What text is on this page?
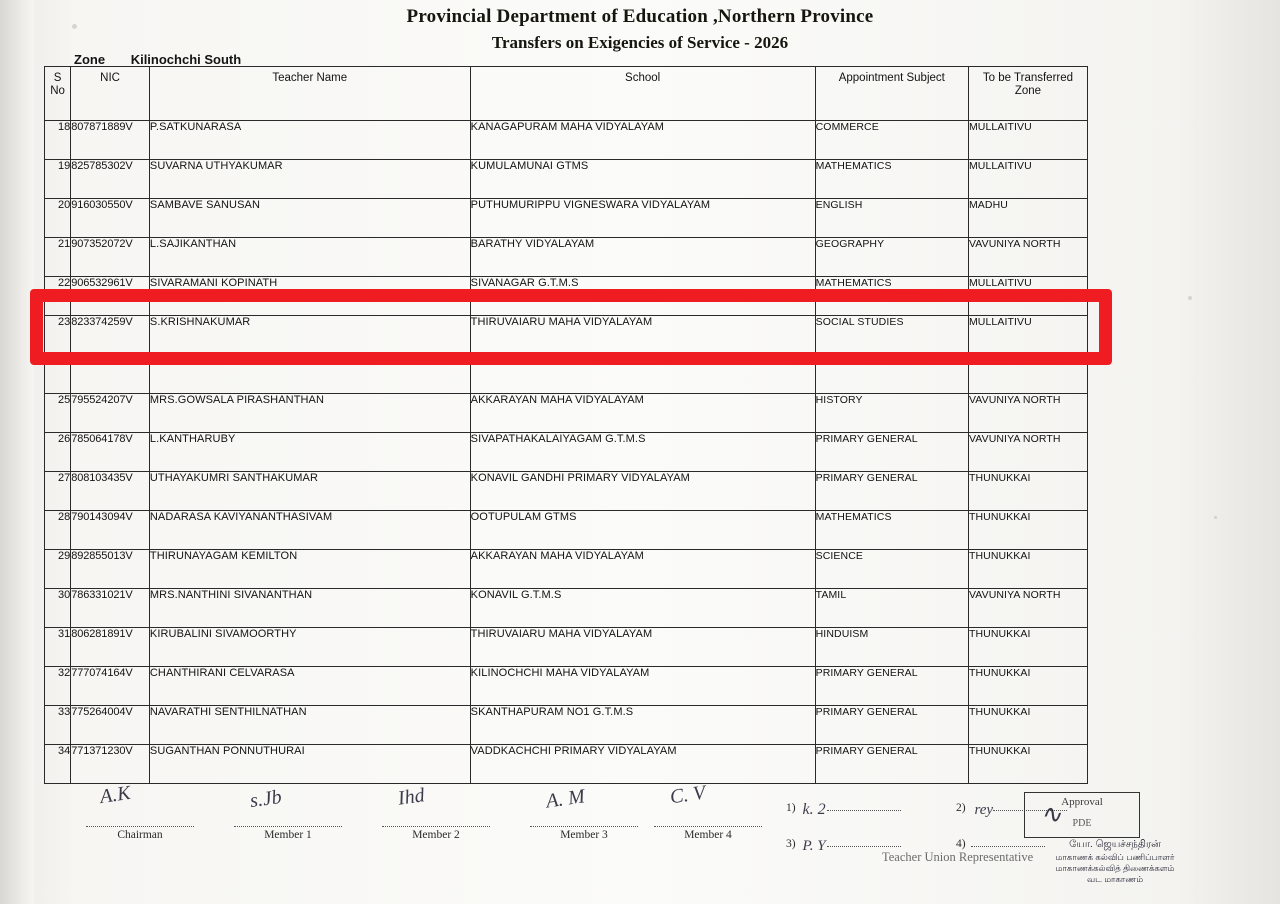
Provincial Department of Education ,Northern Province
Transfers on Exigencies of Service - 2026
Zone Kilinochchi South
S No	NIC	Teacher Name	School	Appointment Subject	To be Transferred Zone
18	807871889V	P.SATKUNARASA	KANAGAPURAM MAHA VIDYALAYAM	COMMERCE	MULLAITIVU
19	825785302V	SUVARNA UTHYAKUMAR	KUMULAMUNAI GTMS	MATHEMATICS	MULLAITIVU
20	916030550V	SAMBAVE SANUSAN	PUTHUMURIPPU VIGNESWARA VIDYALAYAM	ENGLISH	MADHU
21	907352072V	L.SAJIKANTHAN	BARATHY VIDYALAYAM	GEOGRAPHY	VAVUNIYA NORTH
22	906532961V	SIVARAMANI KOPINATH	SIVANAGAR G.T.M.S	MATHEMATICS	MULLAITIVU
23	823374259V	S.KRISHNAKUMAR	THIRUVAIARU MAHA VIDYALAYAM	SOCIAL STUDIES	MULLAITIVU
24					
25	795524207V	MRS.GOWSALA PIRASHANTHAN	AKKARAYAN MAHA VIDYALAYAM	HISTORY	VAVUNIYA NORTH
26	785064178V	L.KANTHARUBY	SIVAPATHAKALAIYAGAM G.T.M.S	PRIMARY GENERAL	VAVUNIYA NORTH
27	808103435V	UTHAYAKUMRI SANTHAKUMAR	KONAVIL GANDHI PRIMARY VIDYALAYAM	PRIMARY GENERAL	THUNUKKAI
28	790143094V	NADARASA KAVIYANANTHASIVAM	OOTUPULAM GTMS	MATHEMATICS	THUNUKKAI
29	892855013V	THIRUNAYAGAM KEMILTON	AKKARAYAN MAHA VIDYALAYAM	SCIENCE	THUNUKKAI
30	786331021V	MRS.NANTHINI SIVANANTHAN	KONAVIL G.T.M.S	TAMIL	VAVUNIYA NORTH
31	806281891V	KIRUBALINI SIVAMOORTHY	THIRUVAIARU MAHA VIDYALAYAM	HINDUISM	THUNUKKAI
32	777074164V	CHANTHIRANI CELVARASA	KILINOCHCHI MAHA VIDYALAYAM	PRIMARY GENERAL	THUNUKKAI
33	775264004V	NAVARATHI SENTHILNATHAN	SKANTHAPURAM NO1 G.T.M.S	PRIMARY GENERAL	THUNUKKAI
34	771371230V	SUGANTHAN PONNUTHURAI	VADDKACHCHI PRIMARY VIDYALAYAM	PRIMARY GENERAL	THUNUKKAI
Chairman
A.K
Member 1
s.Jb
Member 2
Ihd
Member 3
A. M
Member 4
C. V	1) k. 2	2) rey
3) P. Y	4)
Teacher Union Representative
Approval
PDE
∿
யோ. ஜெயச்சந்திரன்
மாகாணக் கல்விப் பணிப்பாளர்
மாகாணக்கல்வித் திணைக்களம்
வட மாகாணம்
